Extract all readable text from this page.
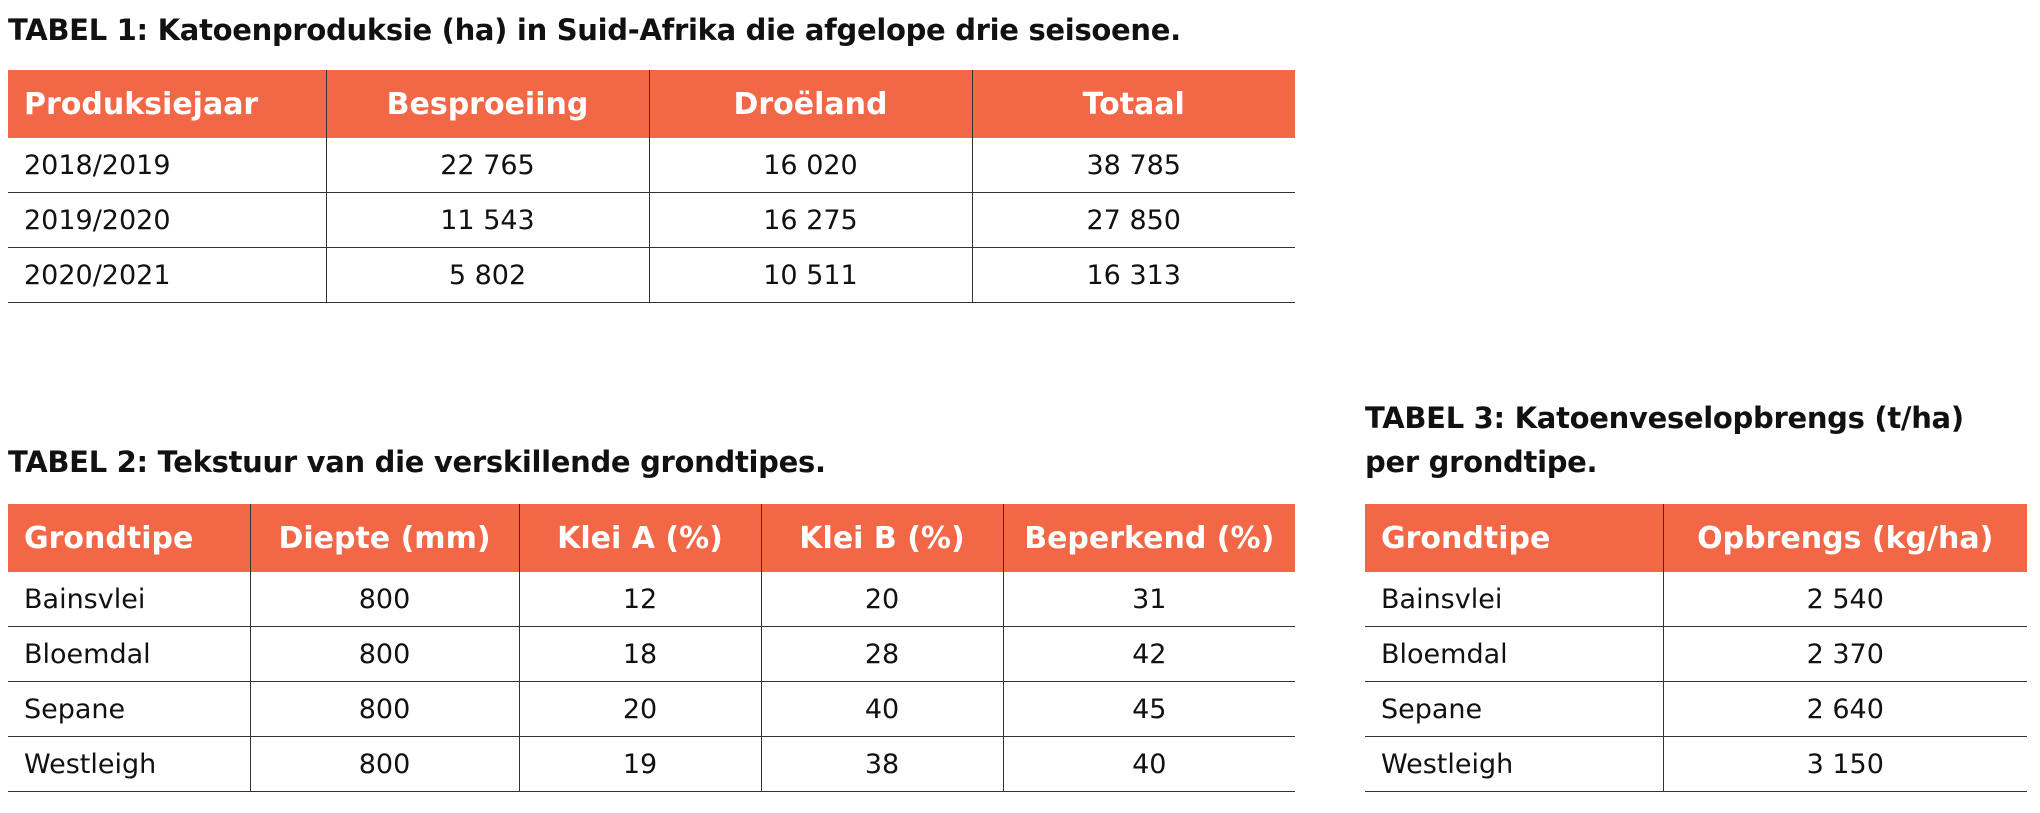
TABEL 1: Katoenproduksie (ha) in Suid-Afrika die afgelope drie seisoene.

Produksiejaar	Besproeiing	Droëland	Totaal
2018/2019	22 765	16 020	38 785
2019/2020	11 543	16 275	27 850
2020/2021	5 802	10 511	16 313

TABEL 2: Tekstuur van die verskillende grondtipes.

Grondtipe	Diepte (mm)	Klei A (%)	Klei B (%)	Beperkend (%)
Bainsvlei	800	12	20	31
Bloemdal	800	18	28	42
Sepane	800	20	40	45
Westleigh	800	19	38	40

TABEL 3: Katoenveselopbrengs (t/ha)
per grondtipe.

Grondtipe	Opbrengs (kg/ha)
Bainsvlei	2 540
Bloemdal	2 370
Sepane	2 640
Westleigh	3 150
